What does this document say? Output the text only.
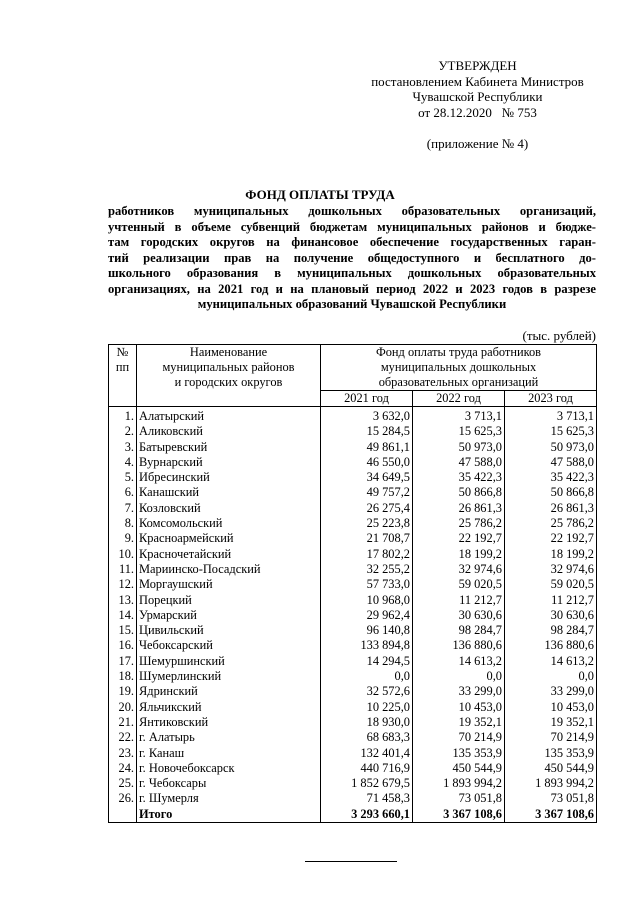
УТВЕРЖДЕН
постановлением Кабинета Министров
Чувашской Республики
от 28.12.2020   № 753
(приложение № 4)
ФОНД ОПЛАТЫ ТРУДА
работников муниципальных дошкольных образовательных организаций,
учтенный в объеме субвенций бюджетам муниципальных районов и бюдже-
там городских округов на финансовое обеспечение государственных гаран-
тий реализации прав на получение общедоступного и бесплатного до-
школьного образования в муниципальных дошкольных образовательных
организациях, на 2021 год и на плановый период 2022 и 2023 годов в разрезе
муниципальных образований Чувашской Республики
(тыс. рублей)
№
пп	Наименование
муниципальных районов
и городских округов	Фонд оплаты труда работников
муниципальных дошкольных
образовательных организаций		
		2021 год	2022 год	2023 год
1.	Алатырский	3 632,0	3 713,1	3 713,1
2.	Аликовский	15 284,5	15 625,3	15 625,3
3.	Батыревский	49 861,1	50 973,0	50 973,0
4.	Вурнарский	46 550,0	47 588,0	47 588,0
5.	Ибресинский	34 649,5	35 422,3	35 422,3
6.	Канашский	49 757,2	50 866,8	50 866,8
7.	Козловский	26 275,4	26 861,3	26 861,3
8.	Комсомольский	25 223,8	25 786,2	25 786,2
9.	Красноармейский	21 708,7	22 192,7	22 192,7
10.	Красночетайский	17 802,2	18 199,2	18 199,2
11.	Мариинско-Посадский	32 255,2	32 974,6	32 974,6
12.	Моргаушский	57 733,0	59 020,5	59 020,5
13.	Порецкий	10 968,0	11 212,7	11 212,7
14.	Урмарский	29 962,4	30 630,6	30 630,6
15.	Цивильский	96 140,8	98 284,7	98 284,7
16.	Чебоксарский	133 894,8	136 880,6	136 880,6
17.	Шемуршинский	14 294,5	14 613,2	14 613,2
18.	Шумерлинский	0,0	0,0	0,0
19.	Ядринский	32 572,6	33 299,0	33 299,0
20.	Яльчикский	10 225,0	10 453,0	10 453,0
21.	Янтиковский	18 930,0	19 352,1	19 352,1
22.	г. Алатырь	68 683,3	70 214,9	70 214,9
23.	г. Канаш	132 401,4	135 353,9	135 353,9
24.	г. Новочебоксарск	440 716,9	450 544,9	450 544,9
25.	г. Чебоксары	1 852 679,5	1 893 994,2	1 893 994,2
26.	г. Шумерля	71 458,3	73 051,8	73 051,8
	Итого	3 293 660,1	3 367 108,6	3 367 108,6
